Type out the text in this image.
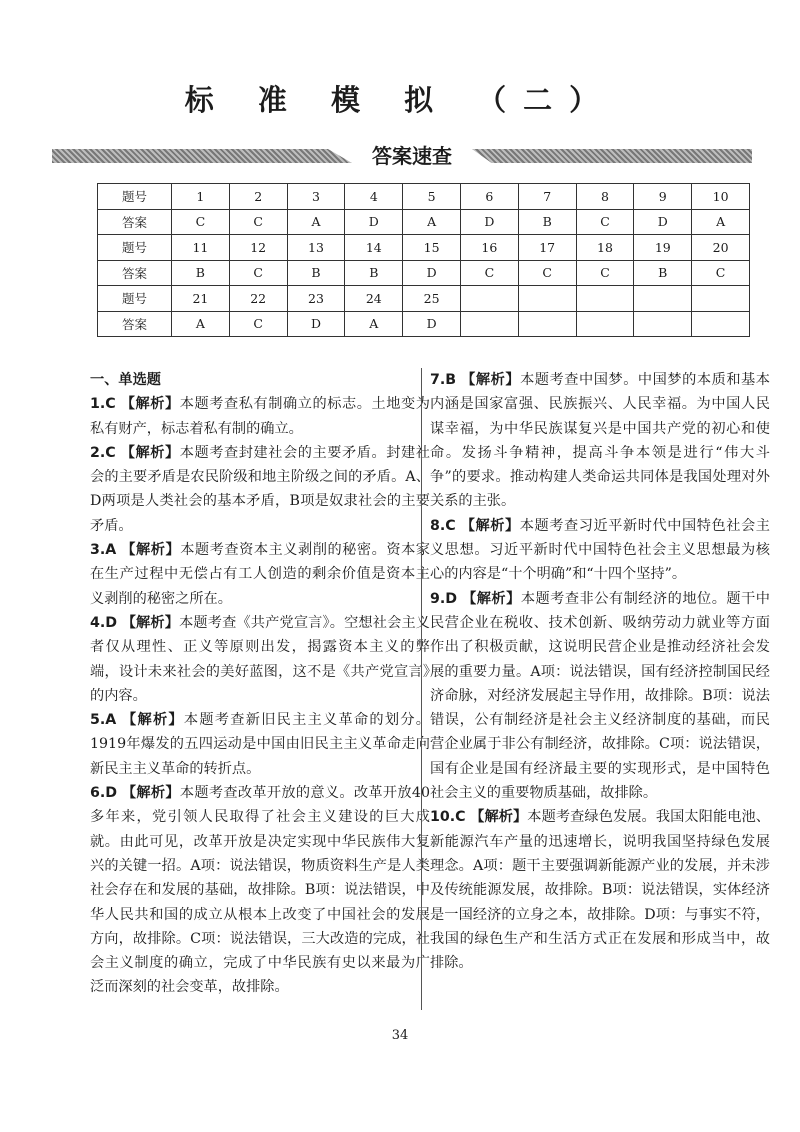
标 准 模 拟 （二）
答案速查
题号	1	2	3	4	5	6	7	8	9	10
答案	C	C	A	D	A	D	B	C	D	A
题号	11	12	13	14	15	16	17	18	19	20
答案	B	C	B	B	D	C	C	C	B	C
题号	21	22	23	24	25					
答案	A	C	D	A	D					
一、单选题
1.C 【解析】本题考查私有制确立的标志。土地变为私有财产，标志着私有制的确立。
2.C 【解析】本题考查封建社会的主要矛盾。封建社会的主要矛盾是农民阶级和地主阶级之间的矛盾。A、D两项是人类社会的基本矛盾，B项是奴隶社会的主要矛盾。
3.A 【解析】本题考查资本主义剥削的秘密。资本家在生产过程中无偿占有工人创造的剩余价值是资本主义剥削的秘密之所在。
4.D 【解析】本题考查《共产党宣言》。空想社会主义者仅从理性、正义等原则出发，揭露资本主义的弊端，设计未来社会的美好蓝图，这不是《共产党宣言》的内容。
5.A 【解析】本题考查新旧民主主义革命的划分。1919年爆发的五四运动是中国由旧民主主义革命走向新民主主义革命的转折点。
6.D 【解析】本题考查改革开放的意义。改革开放40多年来，党引领人民取得了社会主义建设的巨大成就。由此可见，改革开放是决定实现中华民族伟大复兴的关键一招。A项：说法错误，物质资料生产是人类社会存在和发展的基础，故排除。B项：说法错误，中华人民共和国的成立从根本上改变了中国社会的发展方向，故排除。C项：说法错误，三大改造的完成，社会主义制度的确立，完成了中华民族有史以来最为广泛而深刻的社会变革，故排除。
7.B 【解析】本题考查中国梦。中国梦的本质和基本内涵是国家富强、民族振兴、人民幸福。为中国人民谋幸福，为中华民族谋复兴是中国共产党的初心和使命。发扬斗争精神，提高斗争本领是进行“伟大斗争”的要求。推动构建人类命运共同体是我国处理对外关系的主张。
8.C 【解析】本题考查习近平新时代中国特色社会主义思想。习近平新时代中国特色社会主义思想最为核心的内容是“十个明确”和“十四个坚持”。
9.D 【解析】本题考查非公有制经济的地位。题干中民营企业在税收、技术创新、吸纳劳动力就业等方面作出了积极贡献，这说明民营企业是推动经济社会发展的重要力量。A项：说法错误，国有经济控制国民经济命脉，对经济发展起主导作用，故排除。B项：说法错误，公有制经济是社会主义经济制度的基础，而民营企业属于非公有制经济，故排除。C项：说法错误，国有企业是国有经济最主要的实现形式，是中国特色社会主义的重要物质基础，故排除。
10.C 【解析】本题考查绿色发展。我国太阳能电池、新能源汽车产量的迅速增长，说明我国坚持绿色发展理念。A项：题干主要强调新能源产业的发展，并未涉及传统能源发展，故排除。B项：说法错误，实体经济是一国经济的立身之本，故排除。D项：与事实不符，我国的绿色生产和生活方式正在发展和形成当中，故排除。
34
